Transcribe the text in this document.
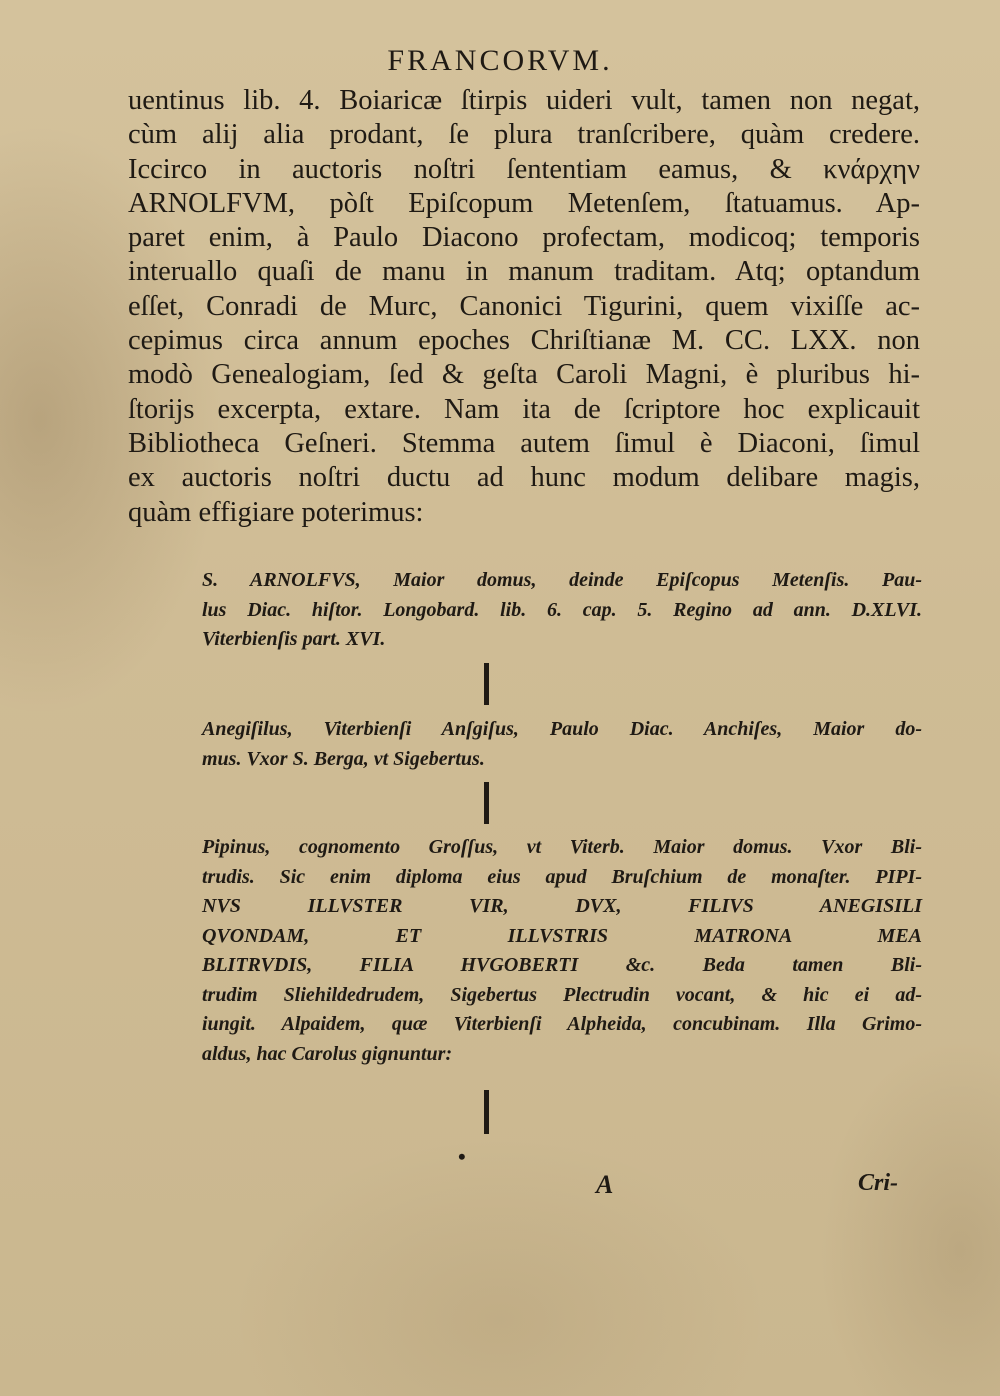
FRANCORVM.
uentinus lib. 4. Boiaricæ ſtirpis uideri vult, tamen non negat,
cùm alij alia prodant, ſe plura tranſcribere, quàm credere.
Iccirco in auctoris noſtri ſententiam eamus, & κνάρχην
ARNOLFVM, pòſt Epiſcopum Metenſem, ſtatuamus. Ap-
paret enim, à Paulo Diacono profectam, modicoq; temporis
interuallo quaſi de manu in manum traditam. Atq; optandum
eſſet, Conradi de Murc, Canonici Tigurini, quem vixiſſe ac-
cepimus circa annum epoches Chriſtianæ M. CC. LXX. non
modò Genealogiam, ſed & geſta Caroli Magni, è pluribus hi-
ſtorijs excerpta, extare. Nam ita de ſcriptore hoc explicauit
Bibliotheca Geſneri. Stemma autem ſimul è Diaconi, ſimul
ex auctoris noſtri ductu ad hunc modum delibare magis,
quàm effigiare poterimus:
S. ARNOLFVS, Maior domus, deinde Epiſcopus Metenſis. Pau-
lus Diac. hiſtor. Longobard. lib. 6. cap. 5. Regino ad ann. D.XLVI.
Viterbienſis part. XVI.
Anegiſilus, Viterbienſi Anſgiſus, Paulo Diac. Anchiſes, Maior do-
mus. Vxor S. Berga, vt Sigebertus.
Pipinus, cognomento Groſſus, vt Viterb. Maior domus. Vxor Bli-
trudis. Sic enim diploma eius apud Bruſchium de monaſter. PIPI-
NVS ILLVSTER VIR, DVX, FILIVS ANEGISILI
QVONDAM, ET ILLVSTRIS MATRONA MEA
BLITRVDIS, FILIA HVGOBERTI &c. Beda tamen Bli-
trudim Sliehildedrudem, Sigebertus Plectrudin vocant, & hic ei ad-
iungit. Alpaidem, quæ Viterbienſi Alpheida, concubinam. Illa Grimo-
aldus, hac Carolus gignuntur:
•
A	Cri-
